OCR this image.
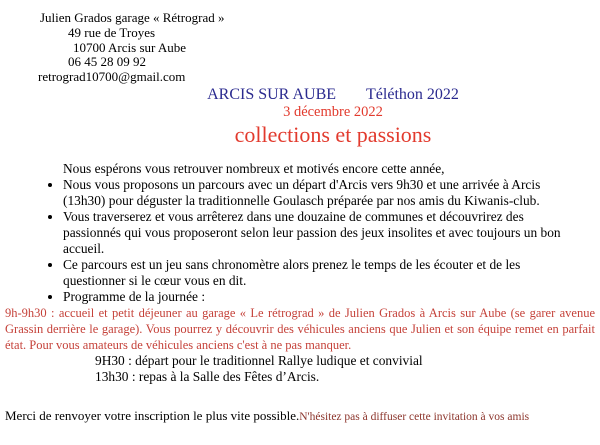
Julien Grados garage « Rétrograd »
49 rue de Troyes
10700 Arcis sur Aube
06 45 28 09 92
retrograd10700@gmail.com
ARCIS SUR AUBE Téléthon 2022
3 décembre 2022
collections et passions
Nous espérons vous retrouver nombreux et motivés encore cette année,
• Nous vous proposons un parcours avec un départ d'Arcis vers 9h30 et une arrivée à Arcis (13h30) pour déguster la traditionnelle Goulasch préparée par nos amis du Kiwanis-club.
• Vous traverserez et vous arrêterez dans une douzaine de communes et découvrirez des passionnés qui vous proposeront selon leur passion des jeux insolites et avec toujours un bon accueil.
• Ce parcours est un jeu sans chronomètre alors prenez le temps de les écouter et de les questionner si le cœur vous en dit.
• Programme de la journée :
9h-9h30 : accueil et petit déjeuner au garage « Le rétrograd » de Julien Grados à Arcis sur Aube (se garer avenue Grassin derrière le garage). Vous pourrez y découvrir des véhicules anciens que Julien et son équipe remet en parfait état. Pour vous amateurs de véhicules anciens c'est à ne pas manquer.
9H30 : départ pour le traditionnel Rallye ludique et convivial
13h30 : repas à la Salle des Fêtes d’Arcis.
Merci de renvoyer votre inscription le plus vite possible.N'hésitez pas à diffuser cette invitation à vos amis
